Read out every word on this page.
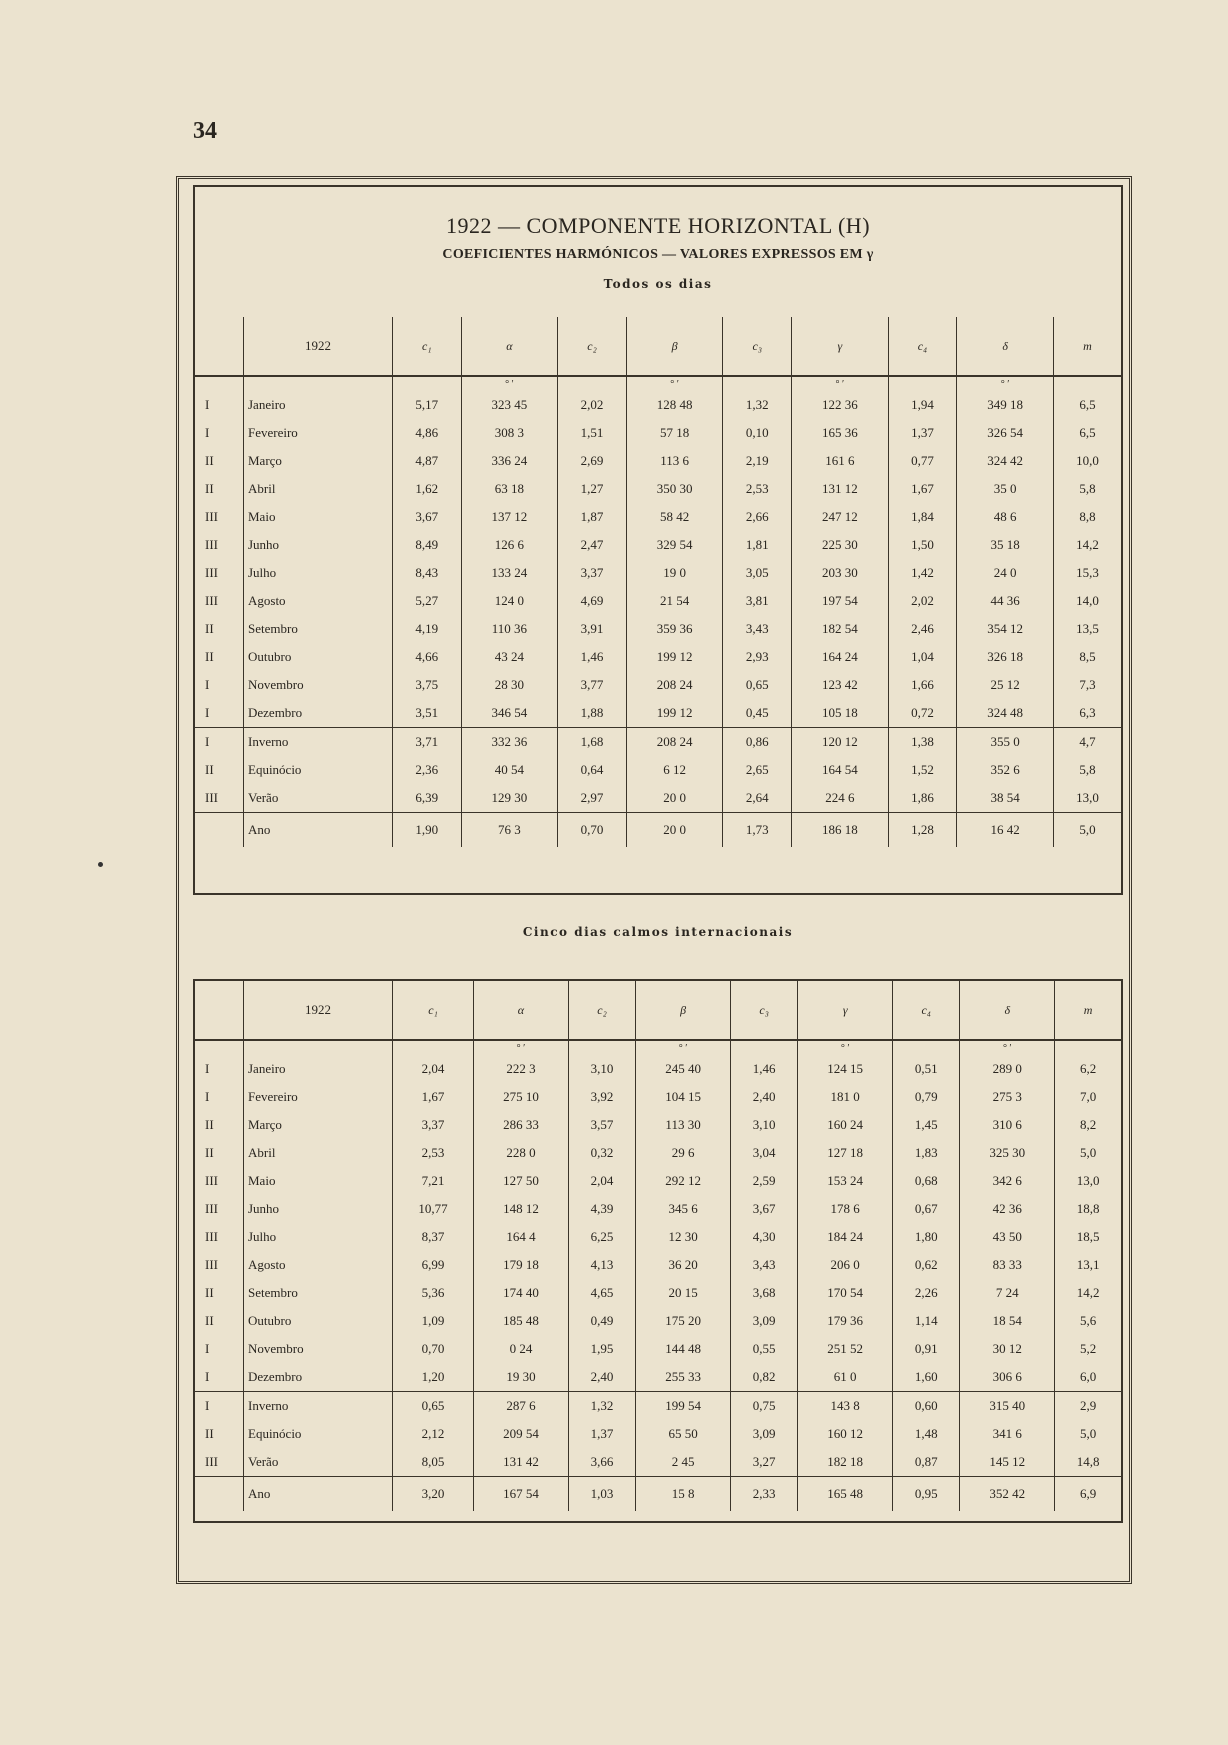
34
1922 — COMPONENTE HORIZONTAL (H)
COEFICIENTES HARMÓNICOS — VALORES EXPRESSOS EM γ
Todos os dias
	1922	c₁	α	c₂	β	c₃	γ	c₄	δ	m
			° ′		° ′		° ′		° ′	
I	Janeiro	5,17	323 45	2,02	128 48	1,32	122 36	1,94	349 18	6,5
I	Fevereiro	4,86	308 3	1,51	57 18	0,10	165 36	1,37	326 54	6,5
II	Março	4,87	336 24	2,69	113 6	2,19	161 6	0,77	324 42	10,0
II	Abril	1,62	63 18	1,27	350 30	2,53	131 12	1,67	35 0	5,8
III	Maio	3,67	137 12	1,87	58 42	2,66	247 12	1,84	48 6	8,8
III	Junho	8,49	126 6	2,47	329 54	1,81	225 30	1,50	35 18	14,2
III	Julho	8,43	133 24	3,37	19 0	3,05	203 30	1,42	24 0	15,3
III	Agosto	5,27	124 0	4,69	21 54	3,81	197 54	2,02	44 36	14,0
II	Setembro	4,19	110 36	3,91	359 36	3,43	182 54	2,46	354 12	13,5
II	Outubro	4,66	43 24	1,46	199 12	2,93	164 24	1,04	326 18	8,5
I	Novembro	3,75	28 30	3,77	208 24	0,65	123 42	1,66	25 12	7,3
I	Dezembro	3,51	346 54	1,88	199 12	0,45	105 18	0,72	324 48	6,3
I	Inverno	3,71	332 36	1,68	208 24	0,86	120 12	1,38	355 0	4,7
II	Equinócio	2,36	40 54	0,64	6 12	2,65	164 54	1,52	352 6	5,8
III	Verão	6,39	129 30	2,97	20 0	2,64	224 6	1,86	38 54	13,0
	Ano	1,90	76 3	0,70	20 0	1,73	186 18	1,28	16 42	5,0
Cinco dias calmos internacionais
	1922	c₁	α	c₂	β	c₃	γ	c₄	δ	m
			° ′		° ′		° ′		° ′	
I	Janeiro	2,04	222 3	3,10	245 40	1,46	124 15	0,51	289 0	6,2
I	Fevereiro	1,67	275 10	3,92	104 15	2,40	181 0	0,79	275 3	7,0
II	Março	3,37	286 33	3,57	113 30	3,10	160 24	1,45	310 6	8,2
II	Abril	2,53	228 0	0,32	29 6	3,04	127 18	1,83	325 30	5,0
III	Maio	7,21	127 50	2,04	292 12	2,59	153 24	0,68	342 6	13,0
III	Junho	10,77	148 12	4,39	345 6	3,67	178 6	0,67	42 36	18,8
III	Julho	8,37	164 4	6,25	12 30	4,30	184 24	1,80	43 50	18,5
III	Agosto	6,99	179 18	4,13	36 20	3,43	206 0	0,62	83 33	13,1
II	Setembro	5,36	174 40	4,65	20 15	3,68	170 54	2,26	7 24	14,2
II	Outubro	1,09	185 48	0,49	175 20	3,09	179 36	1,14	18 54	5,6
I	Novembro	0,70	0 24	1,95	144 48	0,55	251 52	0,91	30 12	5,2
I	Dezembro	1,20	19 30	2,40	255 33	0,82	61 0	1,60	306 6	6,0
I	Inverno	0,65	287 6	1,32	199 54	0,75	143 8	0,60	315 40	2,9
II	Equinócio	2,12	209 54	1,37	65 50	3,09	160 12	1,48	341 6	5,0
III	Verão	8,05	131 42	3,66	2 45	3,27	182 18	0,87	145 12	14,8
	Ano	3,20	167 54	1,03	15 8	2,33	165 48	0,95	352 42	6,9
